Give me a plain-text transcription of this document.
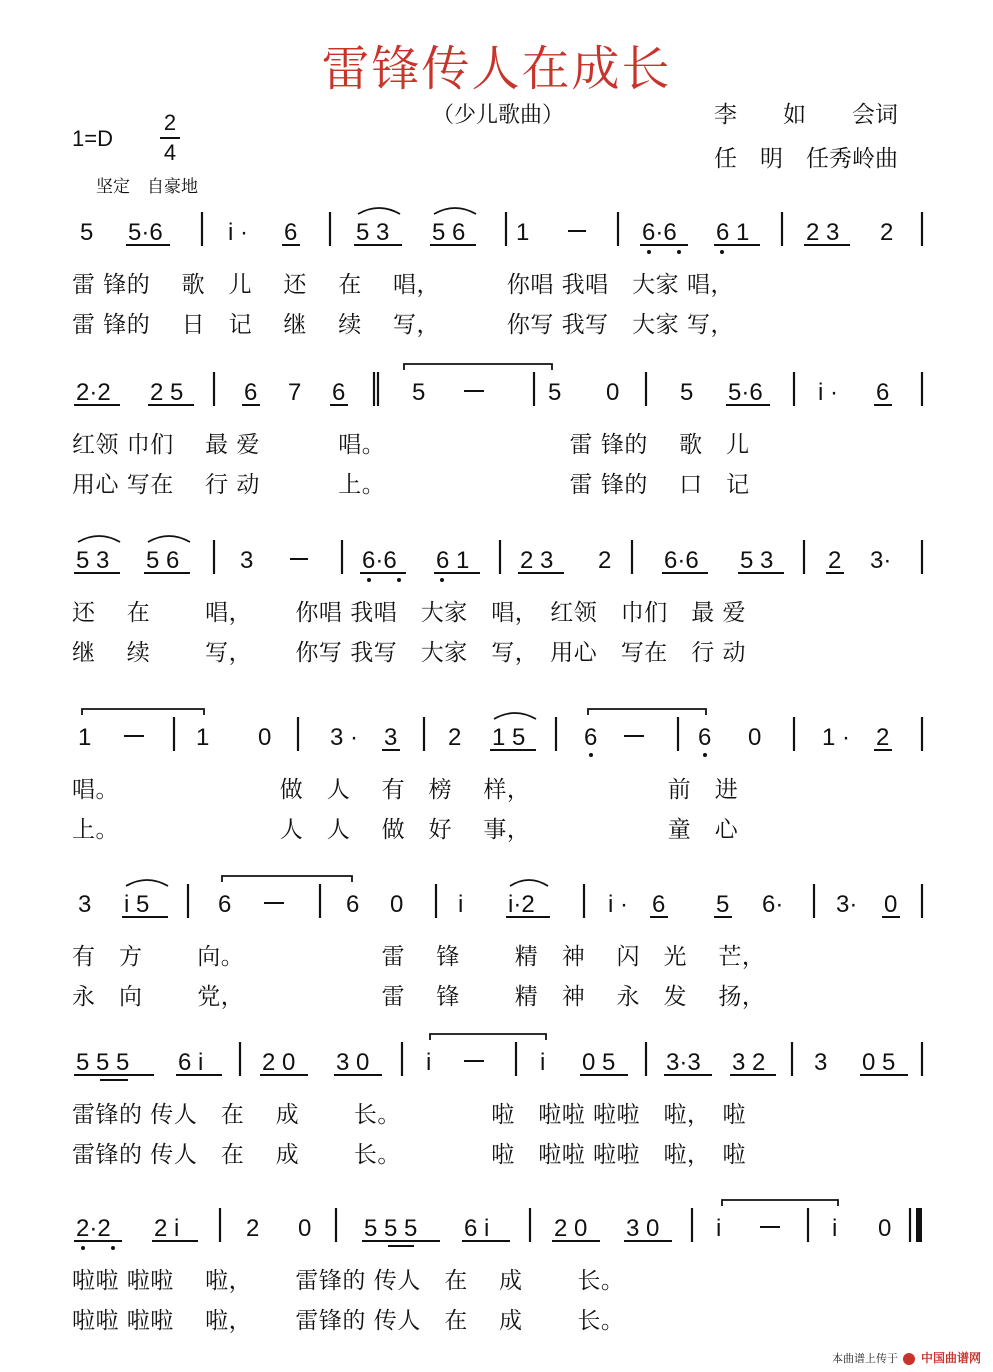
雷锋传人在成长
（少儿歌曲）	李　　如　　会词
任　明　任秀岭曲
1=D
2
4
坚定　自豪地
5 5·6	i · 6 5 3 5 6 1	6·6 6 1 2 3 2
雷 锋的　 歌　儿　 还　 在　 唱，　　　 你唱 我唱　大家 唱，
雷 锋的　 日　记　 继　 续　 写，　　　 你写 我写　大家 写，
2·2 2 5	6 7 6	5	5 0	5 5·6 i · 6
红领 巾们　 最 爱　　　 唱。　　　　　　　　 雷 锋的　 歌　儿
用心 写在　 行 动　　　 上。　　　　　　　　 雷 锋的　 口　记
5 3 5 6	3	6·6 6 1 2 3 2 6·6 5 3 2 3·
还　 在　　 唱，　　 你唱 我唱　大家　唱，　红领　巾们　最 爱
继　 续　　 写，　　 你写 我写　大家　写，　用心　写在　行 动
1	1 0 3 · 3 2 1 5 6	6 0	1 · 2
唱。　　　　　　　 做　人　 有　榜　 样，　　　　　　 前　进
上。　　　　　　　 人　人　 做　好　 事，　　　　　　 童　心
3 i 5	6	6 0 i i·2	i · 6 5 6· 3· 0
有　方　　 向。　　　　　　 雷　 锋　　 精　神　 闪　光　 芒，
永　向　　 党，　　　　　　 雷　 锋　　 精　神　 永　发　 扬，
5 5 5 6 i 2 0 3 0 i	i 0 5 3·3 3 2 3 0 5
雷锋的 传人　在　 成　　 长。　　　　 啦　啦啦 啦啦　啦，　啦
雷锋的 传人　在　 成　　 长。　　　　 啦　啦啦 啦啦　啦，　啦
2·2 2 i	2 0 5 5 5 6 i	2 0 3 0 i	i 0
啦啦 啦啦　 啦，　　 雷锋的 传人　在　 成　　 长。
啦啦 啦啦　 啦，　　 雷锋的 传人　在　 成　　 长。
本曲谱上传于 中国曲谱网
